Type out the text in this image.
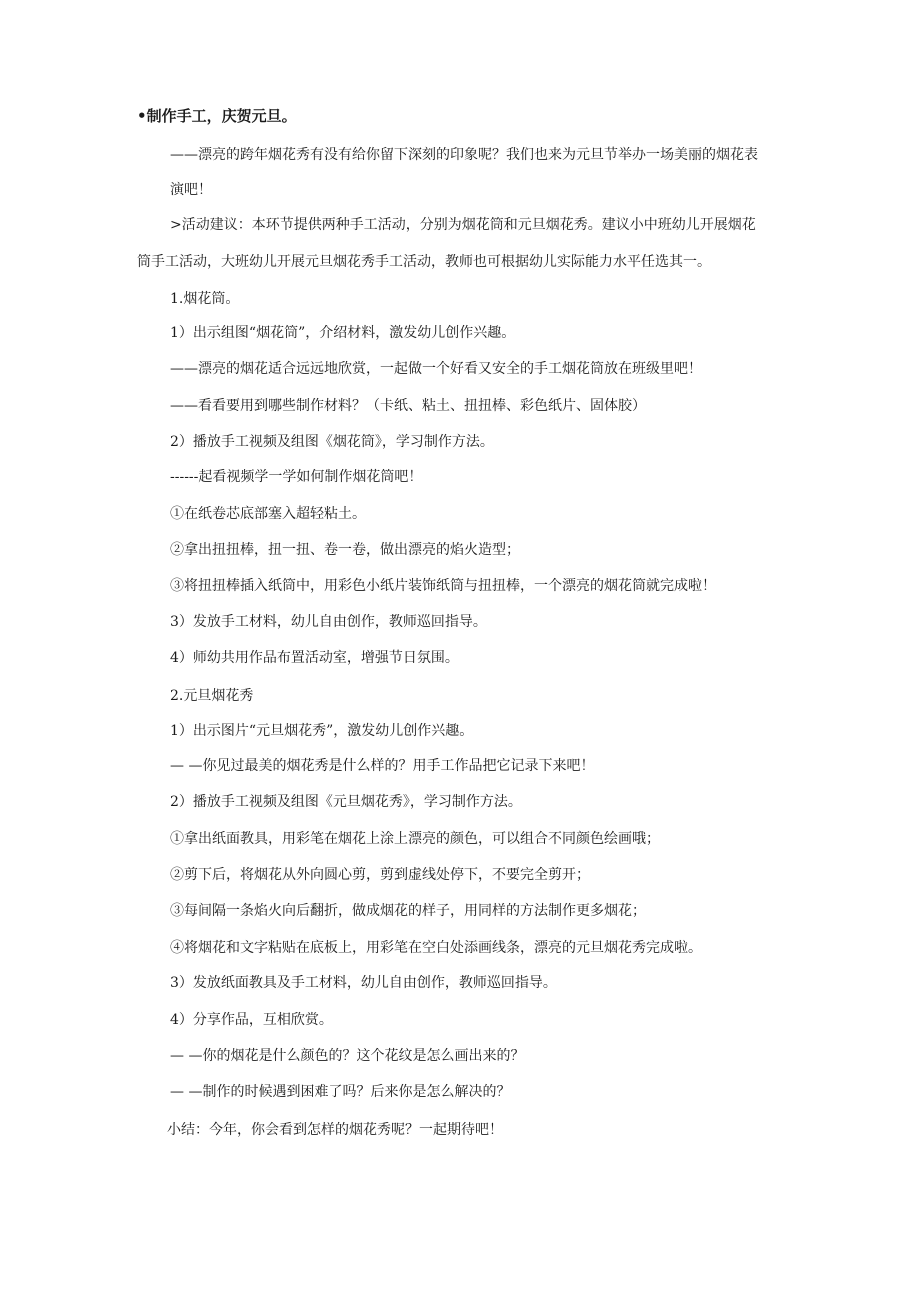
•制作手工，庆贺元旦。
——漂亮的跨年烟花秀有没有给你留下深刻的印象呢？我们也来为元旦节举办一场美丽的烟花表
演吧！
>活动建议：本环节提供两种手工活动，分别为烟花筒和元旦烟花秀。建议小中班幼儿开展烟花
筒手工活动，大班幼儿开展元旦烟花秀手工活动，教师也可根据幼儿实际能力水平任选其一。
1.烟花筒。
1）出示组图“烟花筒”，介绍材料，激发幼儿创作兴趣。
——漂亮的烟花适合远远地欣赏，一起做一个好看又安全的手工烟花筒放在班级里吧！
——看看要用到哪些制作材料？（卡纸、粘土、扭扭棒、彩色纸片、固体胶）
2）播放手工视频及组图《烟花筒》，学习制作方法。
------起看视频学一学如何制作烟花筒吧！
①在纸卷芯底部塞入超轻粘土。
②拿出扭扭棒，扭一扭、卷一卷，做出漂亮的焰火造型；
③将扭扭棒插入纸筒中，用彩色小纸片装饰纸筒与扭扭棒，一个漂亮的烟花筒就完成啦！
3）发放手工材料，幼儿自由创作，教师巡回指导。
4）师幼共用作品布置活动室，增强节日氛围。
2.元旦烟花秀
1）出示图片“元旦烟花秀”，激发幼儿创作兴趣。
— —你见过最美的烟花秀是什么样的？用手工作品把它记录下来吧！
2）播放手工视频及组图《元旦烟花秀》，学习制作方法。
①拿出纸面教具，用彩笔在烟花上涂上漂亮的颜色，可以组合不同颜色绘画哦；
②剪下后，将烟花从外向圆心剪，剪到虚线处停下，不要完全剪开；
③每间隔一条焰火向后翻折，做成烟花的样子，用同样的方法制作更多烟花；
④将烟花和文字粘贴在底板上，用彩笔在空白处添画线条，漂亮的元旦烟花秀完成啦。
3）发放纸面教具及手工材料，幼儿自由创作，教师巡回指导。
4）分享作品，互相欣赏。
— —你的烟花是什么颜色的？这个花纹是怎么画出来的？
— —制作的时候遇到困难了吗？后来你是怎么解决的？
小结：今年，你会看到怎样的烟花秀呢？一起期待吧！
